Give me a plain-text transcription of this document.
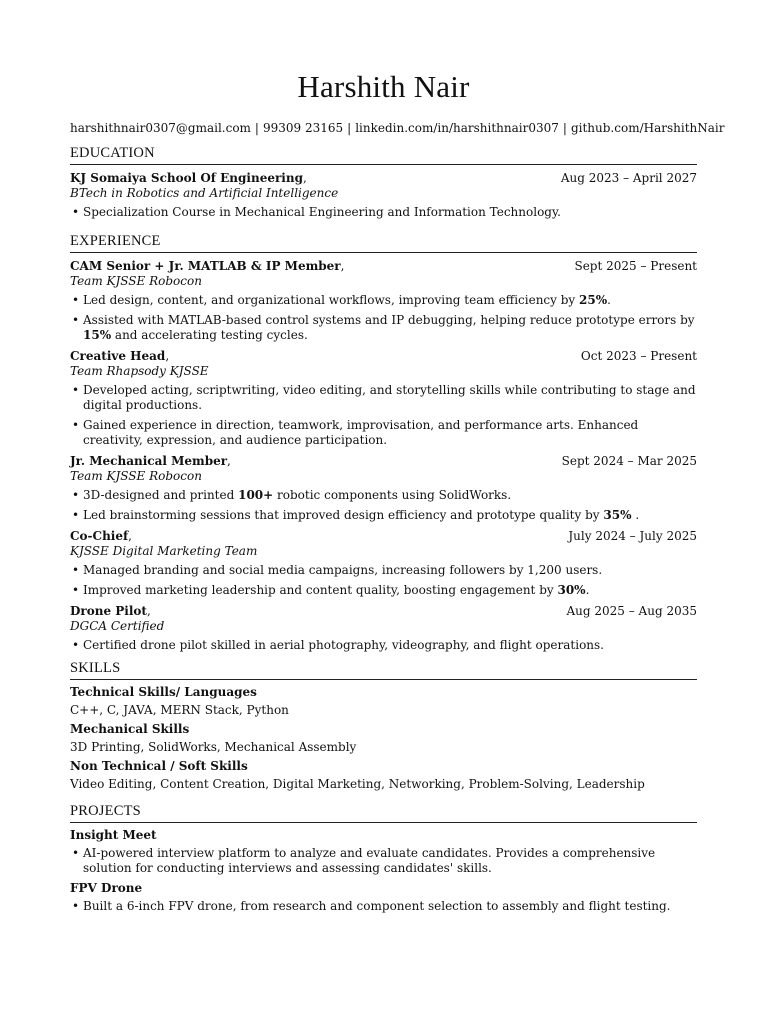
Harshith Nair
harshithnair0307@gmail.com | 99309 23165 | linkedin.com/in/harshithnair0307 | github.com/HarshithNair
EDUCATION
KJ Somaiya School Of Engineering,	Aug 2023 – April 2027
BTech in Robotics and Artificial Intelligence
• Specialization Course in Mechanical Engineering and Information Technology.
EXPERIENCE
CAM Senior + Jr. MATLAB & IP Member,	Sept 2025 – Present
Team KJSSE Robocon
• Led design, content, and organizational workflows, improving team efficiency by 25%.
• Assisted with MATLAB-based control systems and IP debugging, helping reduce prototype errors by 15% and accelerating testing cycles.
Creative Head,	Oct 2023 – Present
Team Rhapsody KJSSE
• Developed acting, scriptwriting, video editing, and storytelling skills while contributing to stage and digital productions.
• Gained experience in direction, teamwork, improvisation, and performance arts. Enhanced creativity, expression, and audience participation.
Jr. Mechanical Member,	Sept 2024 – Mar 2025
Team KJSSE Robocon
• 3D-designed and printed 100+ robotic components using SolidWorks.
• Led brainstorming sessions that improved design efficiency and prototype quality by 35% .
Co-Chief,	July 2024 – July 2025
KJSSE Digital Marketing Team
• Managed branding and social media campaigns, increasing followers by 1,200 users.
• Improved marketing leadership and content quality, boosting engagement by 30%.
Drone Pilot,	Aug 2025 – Aug 2035
DGCA Certified
• Certified drone pilot skilled in aerial photography, videography, and flight operations.
SKILLS
Technical Skills/ Languages
C++, C, JAVA, MERN Stack, Python
Mechanical Skills
3D Printing, SolidWorks, Mechanical Assembly
Non Technical / Soft Skills
Video Editing, Content Creation, Digital Marketing, Networking, Problem-Solving, Leadership
PROJECTS
Insight Meet
• AI-powered interview platform to analyze and evaluate candidates. Provides a comprehensive solution for conducting interviews and assessing candidates' skills.
FPV Drone
• Built a 6-inch FPV drone, from research and component selection to assembly and flight testing.
